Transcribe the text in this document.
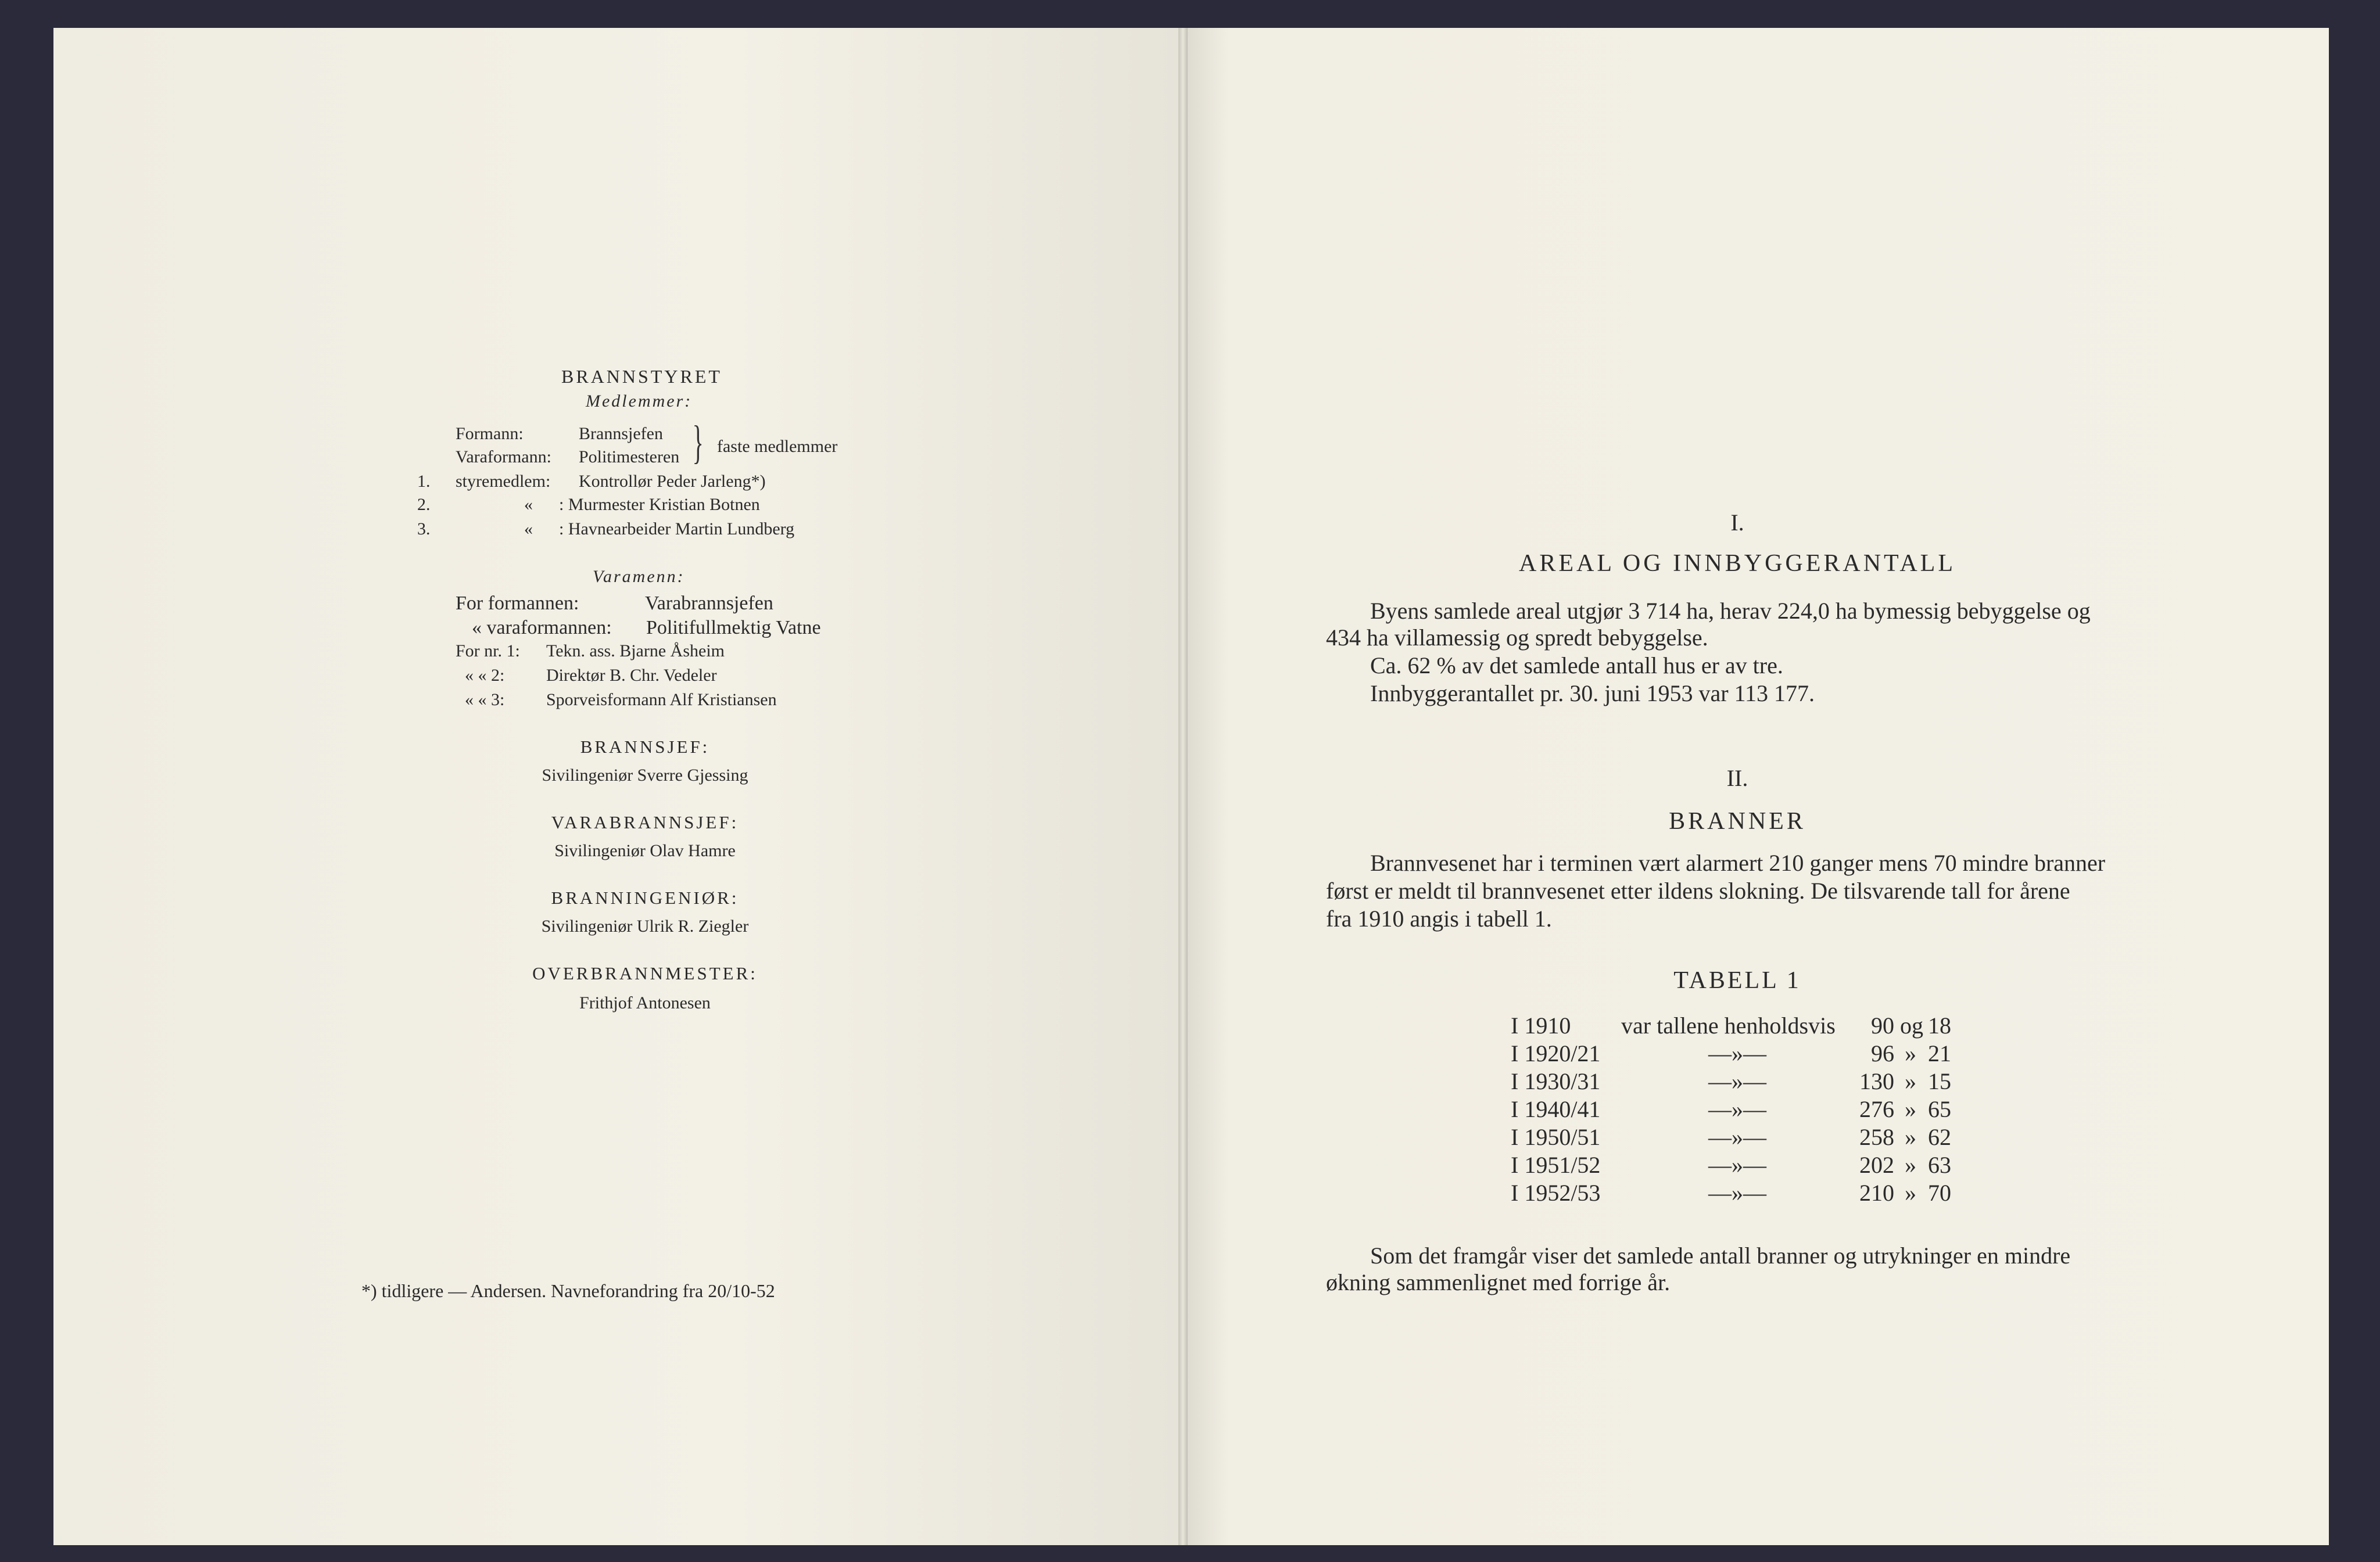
BRANNSTYRET
Medlemmer:
Formann:	Brannsjefen
Varaformann: Politimesteren } faste medlemmer
1. styremedlem: Kontrollør Peder Jarleng*)
2.	« : Murmester Kristian Botnen
3.	« : Havnearbeider Martin Lundberg
Varamenn:
For formannen:	Varabrannsjefen
« varaformannen: Politifullmektig Vatne
For nr. 1: Tekn. ass. Bjarne Åsheim
« « 2: Direktør B. Chr. Vedeler
« « 3: Sporveisformann Alf Kristiansen
BRANNSJEF:
Sivilingeniør Sverre Gjessing
VARABRANNSJEF:
Sivilingeniør Olav Hamre
BRANNINGENIØR:
Sivilingeniør Ulrik R. Ziegler
OVERBRANNMESTER:
Frithjof Antonesen
*) tidligere — Andersen. Navneforandring fra 20/10-52
I.
AREAL OG INNBYGGERANTALL
Byens samlede areal utgjør 3 714 ha, herav 224,0 ha bymessig bebyggelse og
434 ha villamessig og spredt bebyggelse.
Ca. 62 % av det samlede antall hus er av tre.
Innbyggerantallet pr. 30. juni 1953 var 113 177.
II.
BRANNER
Brannvesenet har i terminen vært alarmert 210 ganger mens 70 mindre branner
først er meldt til brannvesenet etter ildens slokning. De tilsvarende tall for årene
fra 1910 angis i tabell 1.
TABELL 1
I 1910 var tallene henholdsvis	90 og 18
I 1920/21	—»—	96 » 21
I 1930/31	—»—	130 » 15
I 1940/41	—»—	276 » 65
I 1950/51	—»—	258 » 62
I 1951/52	—»—	202 » 63
I 1952/53	—»—	210 » 70
Som det framgår viser det samlede antall branner og utrykninger en mindre
økning sammenlignet med forrige år.
